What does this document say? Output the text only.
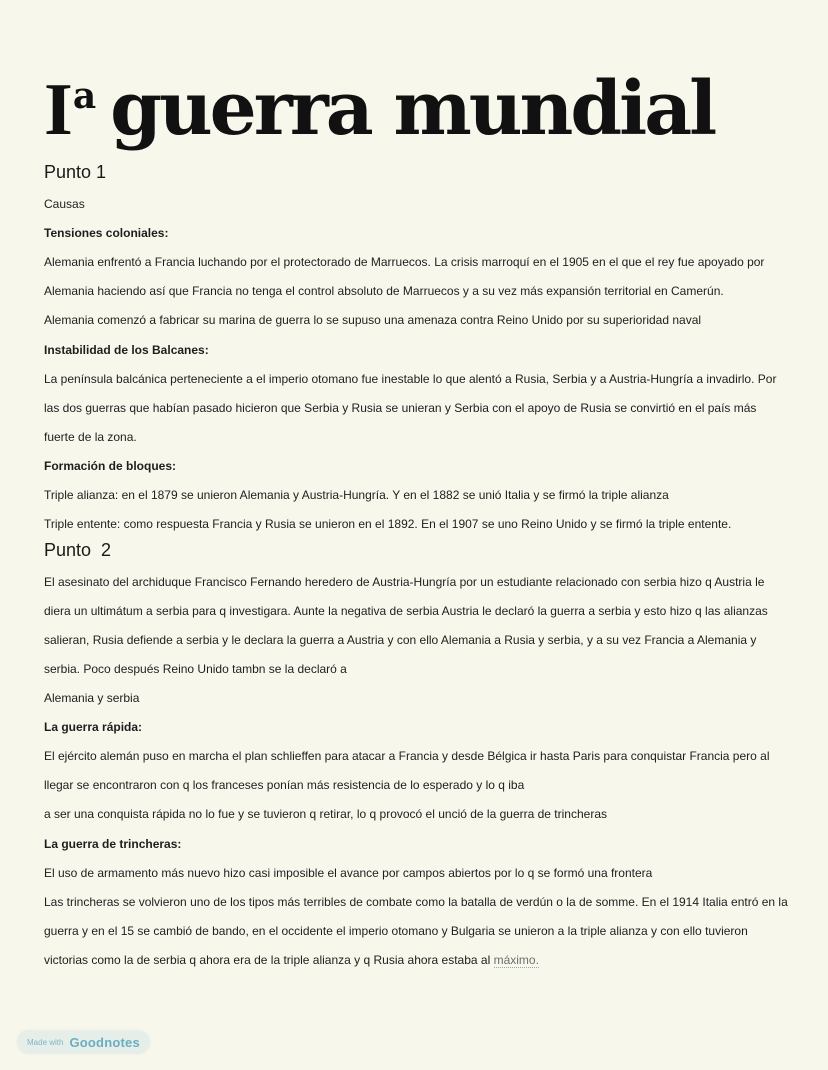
$I^a$ guerra mundial
Punto 1
Causas
Tensiones coloniales:
Alemania enfrentó a Francia luchando por el protectorado de Marruecos. La crisis marroquí en el 1905 en el que el rey fue apoyado por
Alemania haciendo así que Francia no tenga el control absoluto de Marruecos y a su vez más expansión territorial en Camerún.
Alemania comenzó a fabricar su marina de guerra lo se supuso una amenaza contra Reino Unido por su superioridad naval
Instabilidad de los Balcanes:
La península balcánica perteneciente a el imperio otomano fue inestable lo que alentó a Rusia, Serbia y a Austria-Hungría a invadirlo. Por
las dos guerras que habían pasado hicieron que Serbia y Rusia se unieran y Serbia con el apoyo de Rusia se convirtió en el país más
fuerte de la zona.
Formación de bloques:
Triple alianza: en el 1879 se unieron Alemania y Austria-Hungría. Y en el 1882 se unió Italia y se firmó la triple alianza
Triple entente: como respuesta Francia y Rusia se unieron en el 1892. En el 1907 se uno Reino Unido y se firmó la triple entente.
Punto  2
El asesinato del archiduque Francisco Fernando heredero de Austria-Hungría por un estudiante relacionado con serbia hizo q Austria le
diera un ultimátum a serbia para q investigara. Aunte la negativa de serbia Austria le declaró la guerra a serbia y esto hizo q las alianzas
salieran, Rusia defiende a serbia y le declara la guerra a Austria y con ello Alemania a Rusia y serbia, y a su vez Francia a Alemania y
serbia. Poco después Reino Unido tambn se la declaró a
Alemania y serbia
La guerra rápida:
El ejército alemán puso en marcha el plan schlieffen para atacar a Francia y desde Bélgica ir hasta Paris para conquistar Francia pero al
llegar se encontraron con q los franceses ponían más resistencia de lo esperado y lo q iba
a ser una conquista rápida no lo fue y se tuvieron q retirar, lo q provocó el unció de la guerra de trincheras
La guerra de trincheras:
El uso de armamento más nuevo hizo casi imposible el avance por campos abiertos por lo q se formó una frontera
Las trincheras se volvieron uno de los tipos más terribles de combate como la batalla de verdún o la de somme. En el 1914 Italia entró en la
guerra y en el 15 se cambió de bando, en el occidente el imperio otomano y Bulgaria se unieron a la triple alianza y con ello tuvieron
victorias como la de serbia q ahora era de la triple alianza y q Rusia ahora estaba al máximo.
Made with Goodnotes
